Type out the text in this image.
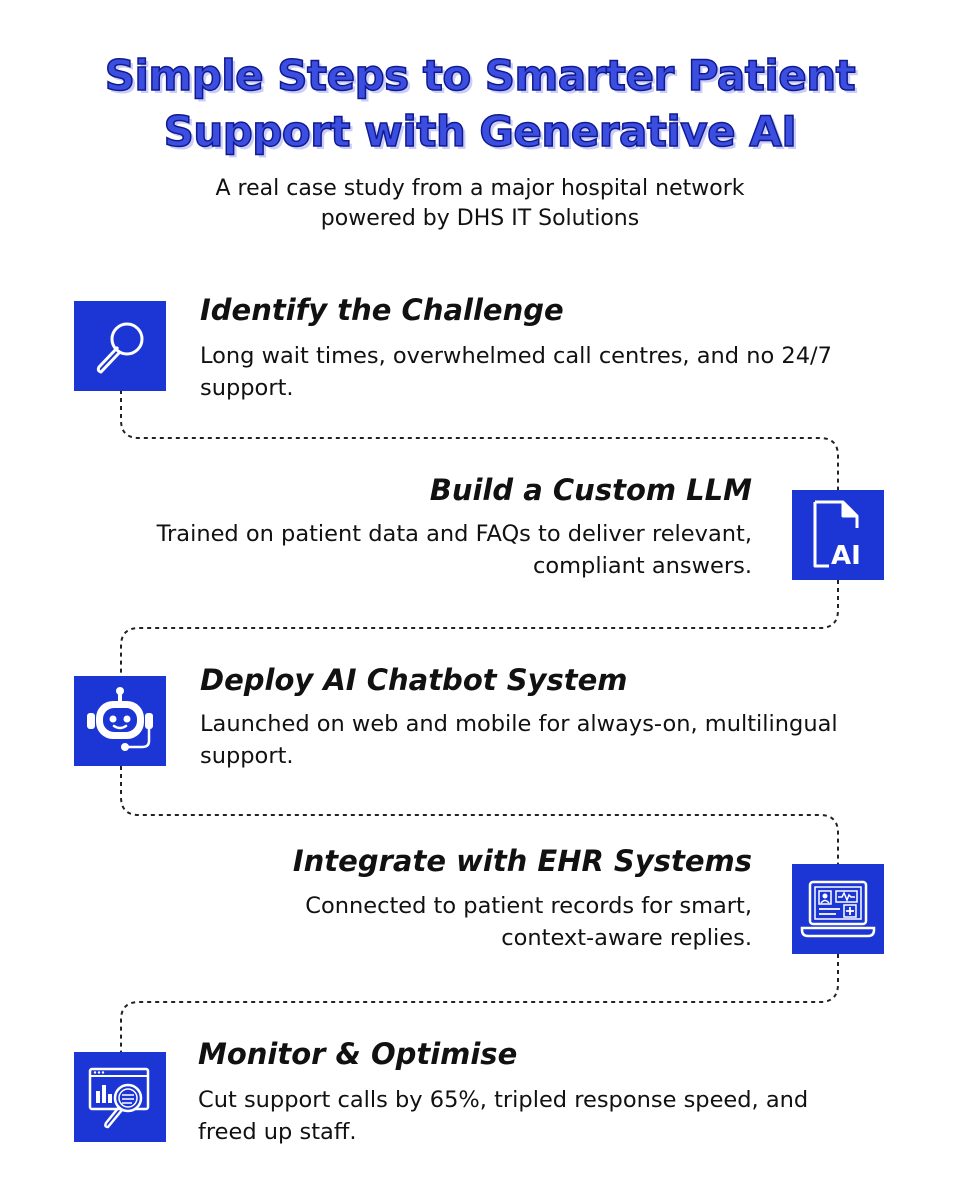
Simple Steps to Smarter Patient
Support with Generative AI
A real case study from a major hospital network
powered by DHS IT Solutions
Identify the Challenge
Long wait times, overwhelmed call centres, and no 24/7
support.
AI
Build a Custom LLM
Trained on patient data and FAQs to deliver relevant,
compliant answers.
Deploy AI Chatbot System
Launched on web and mobile for always-on, multilingual
support.
Integrate with EHR Systems
Connected to patient records for smart,
context-aware replies.
Monitor & Optimise
Cut support calls by 65%, tripled response speed, and
freed up staff.
